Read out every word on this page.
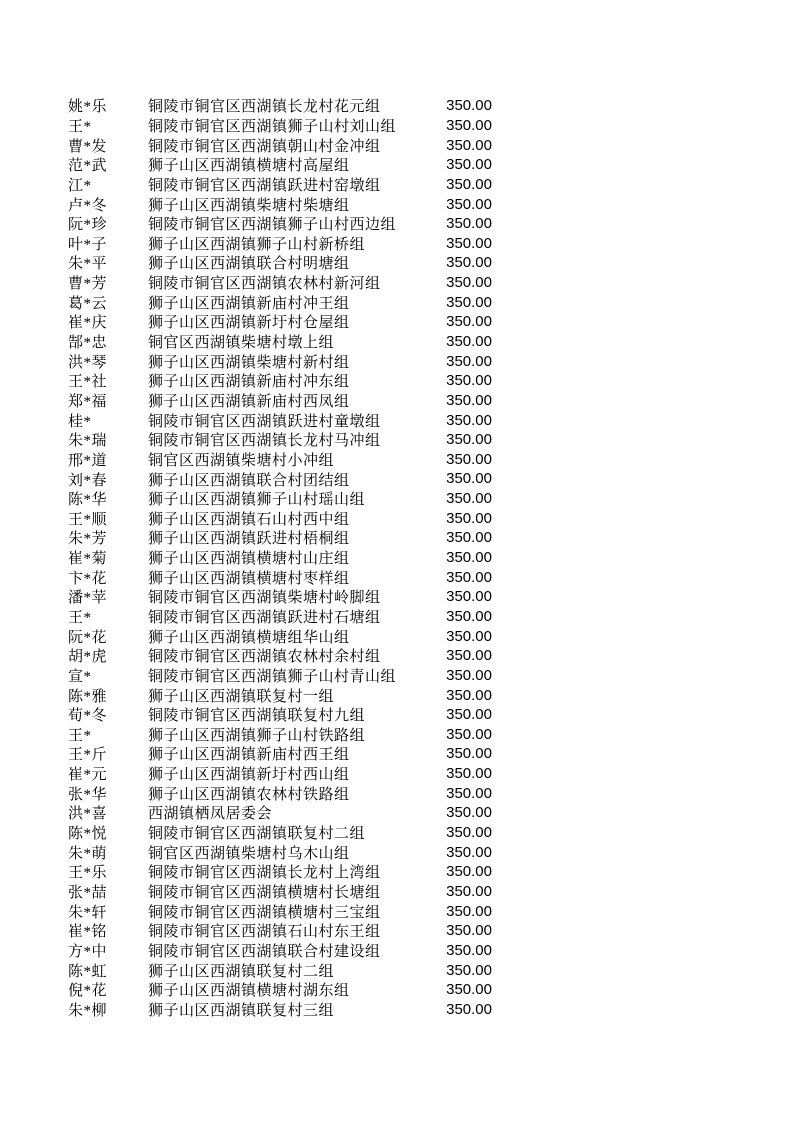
姚*乐	铜陵市铜官区西湖镇长龙村花元组	350.00
王*	铜陵市铜官区西湖镇狮子山村刘山组	350.00
曹*发	铜陵市铜官区西湖镇朝山村金冲组	350.00
范*武	狮子山区西湖镇横塘村高屋组	350.00
江*	铜陵市铜官区西湖镇跃进村窑墩组	350.00
卢*冬	狮子山区西湖镇柴塘村柴塘组	350.00
阮*珍	铜陵市铜官区西湖镇狮子山村西边组	350.00
叶*子	狮子山区西湖镇狮子山村新桥组	350.00
朱*平	狮子山区西湖镇联合村明塘组	350.00
曹*芳	铜陵市铜官区西湖镇农林村新河组	350.00
葛*云	狮子山区西湖镇新庙村冲王组	350.00
崔*庆	狮子山区西湖镇新圩村仓屋组	350.00
郜*忠	铜官区西湖镇柴塘村墩上组	350.00
洪*琴	狮子山区西湖镇柴塘村新村组	350.00
王*社	狮子山区西湖镇新庙村冲东组	350.00
郑*福	狮子山区西湖镇新庙村西凤组	350.00
桂*	铜陵市铜官区西湖镇跃进村童墩组	350.00
朱*瑞	铜陵市铜官区西湖镇长龙村马冲组	350.00
邢*道	铜官区西湖镇柴塘村小冲组	350.00
刘*春	狮子山区西湖镇联合村团结组	350.00
陈*华	狮子山区西湖镇狮子山村瑶山组	350.00
王*顺	狮子山区西湖镇石山村西中组	350.00
朱*芳	狮子山区西湖镇跃进村梧桐组	350.00
崔*菊	狮子山区西湖镇横塘村山庄组	350.00
卞*花	狮子山区西湖镇横塘村枣样组	350.00
潘*苹	铜陵市铜官区西湖镇柴塘村岭脚组	350.00
王*	铜陵市铜官区西湖镇跃进村石塘组	350.00
阮*花	狮子山区西湖镇横塘组华山组	350.00
胡*虎	铜陵市铜官区西湖镇农林村余村组	350.00
宣*	铜陵市铜官区西湖镇狮子山村青山组	350.00
陈*雅	狮子山区西湖镇联复村一组	350.00
荀*冬	铜陵市铜官区西湖镇联复村九组	350.00
王*	狮子山区西湖镇狮子山村铁路组	350.00
王*斤	狮子山区西湖镇新庙村西王组	350.00
崔*元	狮子山区西湖镇新圩村西山组	350.00
张*华	狮子山区西湖镇农林村铁路组	350.00
洪*喜	西湖镇栖凤居委会	350.00
陈*悦	铜陵市铜官区西湖镇联复村二组	350.00
朱*萌	铜官区西湖镇柴塘村乌木山组	350.00
王*乐	铜陵市铜官区西湖镇长龙村上湾组	350.00
张*喆	铜陵市铜官区西湖镇横塘村长塘组	350.00
朱*轩	铜陵市铜官区西湖镇横塘村三宝组	350.00
崔*铭	铜陵市铜官区西湖镇石山村东王组	350.00
方*中	铜陵市铜官区西湖镇联合村建设组	350.00
陈*虹	狮子山区西湖镇联复村二组	350.00
倪*花	狮子山区西湖镇横塘村湖东组	350.00
朱*柳	狮子山区西湖镇联复村三组	350.00
